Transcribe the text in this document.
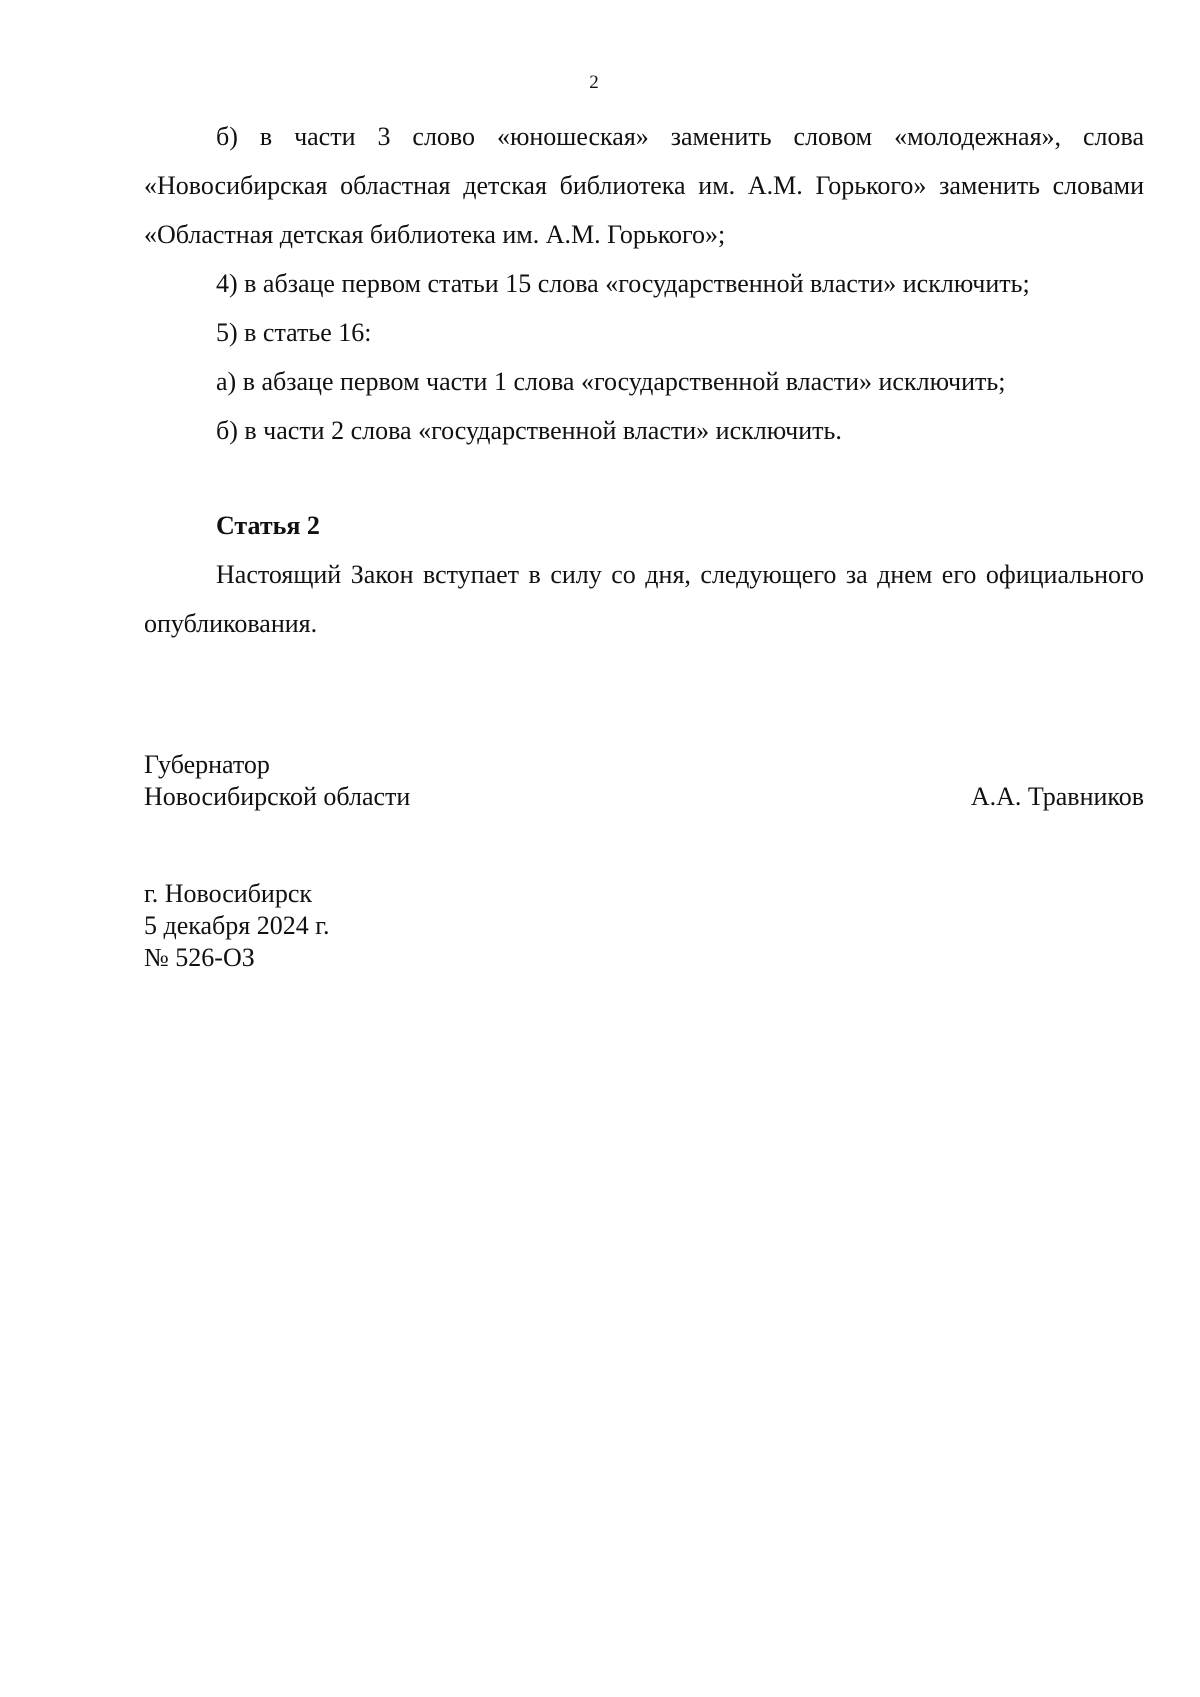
2

б) в части 3 слово «юношеская» заменить словом «молодежная», слова «Новосибирская областная детская библиотека им. А.М. Горького» заменить словами «Областная детская библиотека им. А.М. Горького»;

4) в абзаце первом статьи 15 слова «государственной власти» исключить;

5) в статье 16:

а) в абзаце первом части 1 слова «государственной власти» исключить;

б) в части 2 слова «государственной власти» исключить.

Статья 2

Настоящий Закон вступает в силу со дня, следующего за днем его официального опубликования.

Губернатор
Новосибирской области	А.А. Травников
г. Новосибирск
5 декабря 2024 г.
№ 526-ОЗ
